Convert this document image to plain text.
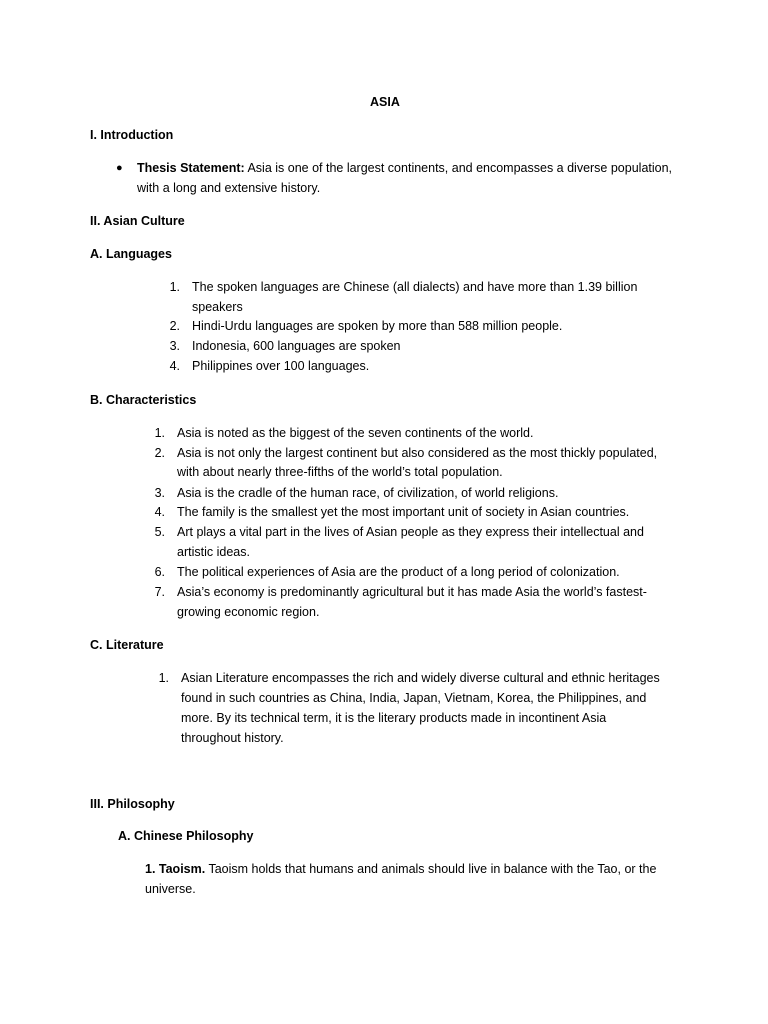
ASIA
I. Introduction
● Thesis Statement: Asia is one of the largest continents, and encompasses a diverse population,
with a long and extensive history.
II. Asian Culture
A. Languages
1. The spoken languages are Chinese (all dialects) and have more than 1.39 billion
speakers
2. Hindi-Urdu languages are spoken by more than 588 million people.
3. Indonesia, 600 languages are spoken
4. Philippines over 100 languages.
B. Characteristics
1. Asia is noted as the biggest of the seven continents of the world.
2. Asia is not only the largest continent but also considered as the most thickly populated,
with about nearly three-fifths of the world’s total population.
3. Asia is the cradle of the human race, of civilization, of world religions.
4. The family is the smallest yet the most important unit of society in Asian countries.
5. Art plays a vital part in the lives of Asian people as they express their intellectual and
artistic ideas.
6. The political experiences of Asia are the product of a long period of colonization.
7. Asia’s economy is predominantly agricultural but it has made Asia the world’s fastest-
growing economic region.
C. Literature
1. Asian Literature encompasses the rich and widely diverse cultural and ethnic heritages
found in such countries as China, India, Japan, Vietnam, Korea, the Philippines, and
more. By its technical term, it is the literary products made in incontinent Asia
throughout history.
III. Philosophy
A. Chinese Philosophy
1. Taoism. Taoism holds that humans and animals should live in balance with the Tao, or the
universe.
